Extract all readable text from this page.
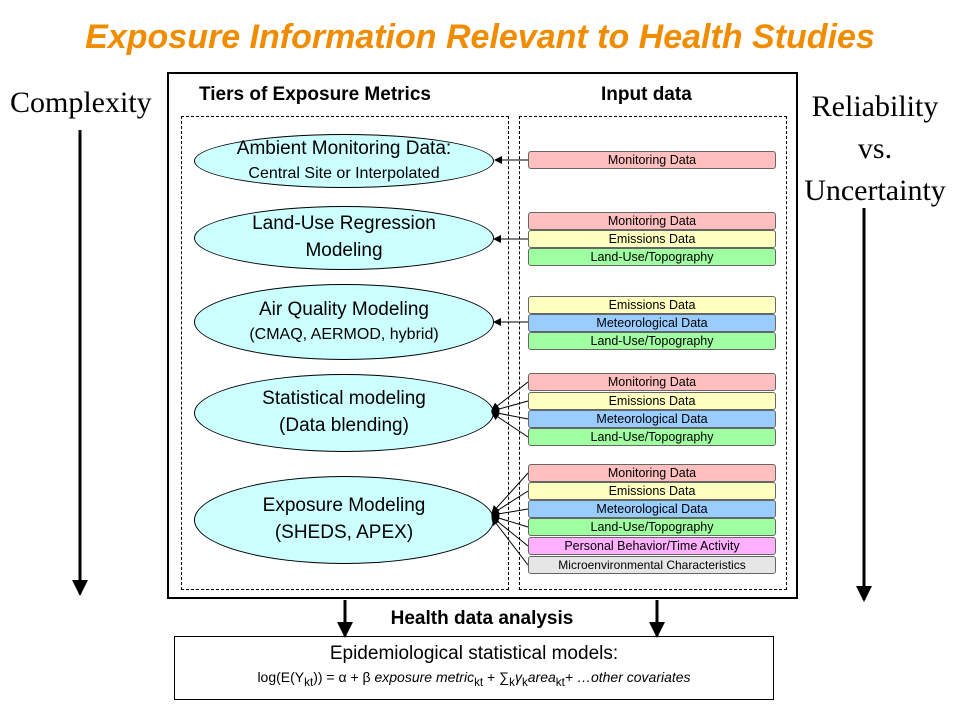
Exposure Information Relevant to Health Studies
Complexity	Reliability
vs.
Uncertainty
Tiers of Exposure Metrics	Input data
Ambient Monitoring Data:
Central Site or Interpolated
Land-Use Regression
Modeling
Air Quality Modeling
(CMAQ, AERMOD, hybrid)
Statistical modeling
(Data blending)
Exposure Modeling
(SHEDS, APEX)
Monitoring Data
Monitoring Data
Emissions Data
Land-Use/Topography
Emissions Data
Meteorological Data
Land-Use/Topography
Monitoring Data
Emissions Data
Meteorological Data
Land-Use/Topography
Monitoring Data
Emissions Data
Meteorological Data
Land-Use/Topography
Personal Behavior/Time Activity
Microenvironmental Characteristics
Health data analysis
Epidemiological statistical models:
$\log(E(Y_{kt})) = \alpha + \beta$ exposure metric$_{kt}$ + $\sum_k\gamma_karea_{kt}+$ …other covariates
